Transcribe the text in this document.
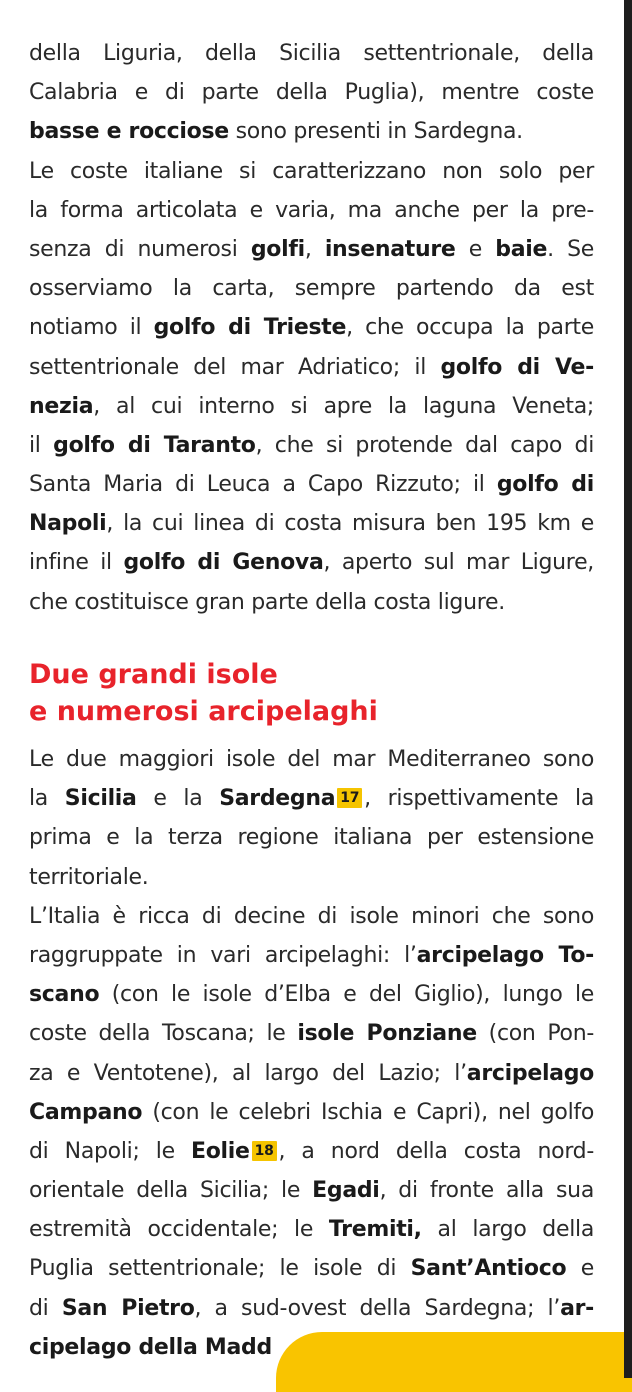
della Liguria, della Sicilia settentrionale, della
Calabria e di parte della Puglia), mentre coste
basse e rocciose sono presenti in Sardegna.
Le coste italiane si caratterizzano non solo per
la forma articolata e varia, ma anche per la pre-
senza di numerosi golfi, insenature e baie. Se
osserviamo la carta, sempre partendo da est
notiamo il golfo di Trieste, che occupa la parte
settentrionale del mar Adriatico; il golfo di Ve-
nezia, al cui interno si apre la laguna Veneta;
il golfo di Taranto, che si protende dal capo di
Santa Maria di Leuca a Capo Rizzuto; il golfo di
Napoli, la cui linea di costa misura ben 195 km e
infine il golfo di Genova, aperto sul mar Ligure,
che costituisce gran parte della costa ligure.
Due grandi isole
e numerosi arcipelaghi
Le due maggiori isole del mar Mediterraneo sono
la Sicilia e la Sardegna 17 , rispettivamente la
prima e la terza regione italiana per estensione
territoriale.
L’Italia è ricca di decine di isole minori che sono
raggruppate in vari arcipelaghi: l’arcipelago To-
scano (con le isole d’Elba e del Giglio), lungo le
coste della Toscana; le isole Ponziane (con Pon-
za e Ventotene), al largo del Lazio; l’arcipelago
Campano (con le celebri Ischia e Capri), nel golfo
di Napoli; le Eolie 18 , a nord della costa nord-
orientale della Sicilia; le Egadi, di fronte alla sua
estremità occidentale; le Tremiti, al largo della
Puglia settentrionale; le isole di Sant’Antioco e
di San Pietro, a sud-ovest della Sardegna; l’ar-
cipelago della Madd
